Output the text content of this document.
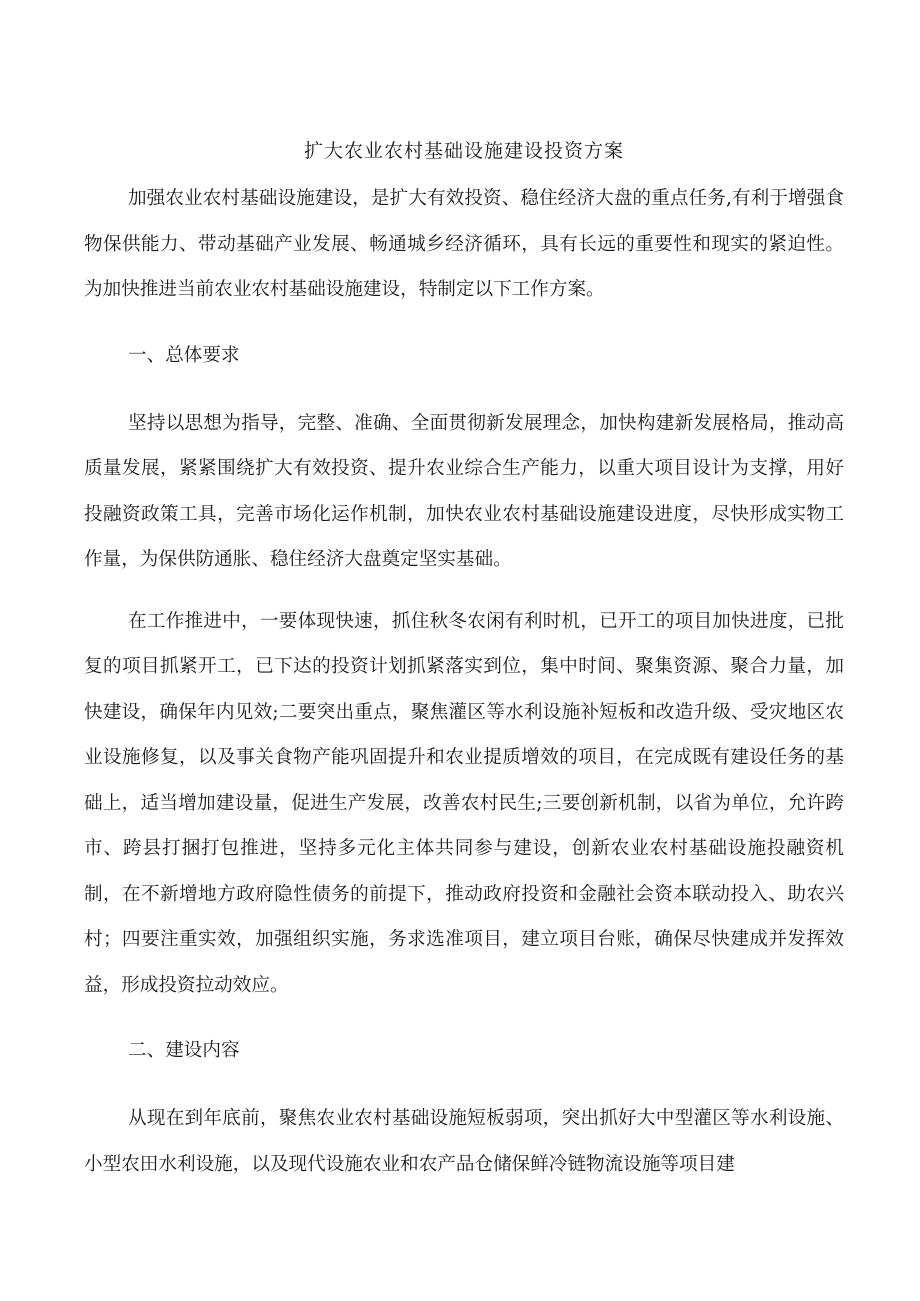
扩大农业农村基础设施建设投资方案

加强农业农村基础设施建设，是扩大有效投资、稳住经济大盘的重点任务,有利于增强食物保供能力、带动基础产业发展、畅通城乡经济循环，具有长远的重要性和现实的紧迫性。为加快推进当前农业农村基础设施建设，特制定以下工作方案。

一、总体要求

坚持以思想为指导，完整、准确、全面贯彻新发展理念，加快构建新发展格局，推动高质量发展，紧紧围绕扩大有效投资、提升农业综合生产能力，以重大项目设计为支撑，用好投融资政策工具，完善市场化运作机制，加快农业农村基础设施建设进度，尽快形成实物工作量，为保供防通胀、稳住经济大盘奠定坚实基础。

在工作推进中，一要体现快速，抓住秋冬农闲有利时机，已开工的项目加快进度，已批复的项目抓紧开工，已下达的投资计划抓紧落实到位，集中时间、聚集资源、聚合力量，加快建设，确保年内见效;二要突出重点，聚焦灌区等水利设施补短板和改造升级、受灾地区农业设施修复，以及事关食物产能巩固提升和农业提质增效的项目，在完成既有建设任务的基础上，适当增加建设量，促进生产发展，改善农村民生;三要创新机制，以省为单位，允许跨市、跨县打捆打包推进，坚持多元化主体共同参与建设，创新农业农村基础设施投融资机制，在不新增地方政府隐性债务的前提下，推动政府投资和金融社会资本联动投入、助农兴村；四要注重实效，加强组织实施，务求选准项目，建立项目台账，确保尽快建成并发挥效益，形成投资拉动效应。

二、建设内容

从现在到年底前，聚焦农业农村基础设施短板弱项，突出抓好大中型灌区等水利设施、小型农田水利设施，以及现代设施农业和农产品仓储保鲜冷链物流设施等项目建
